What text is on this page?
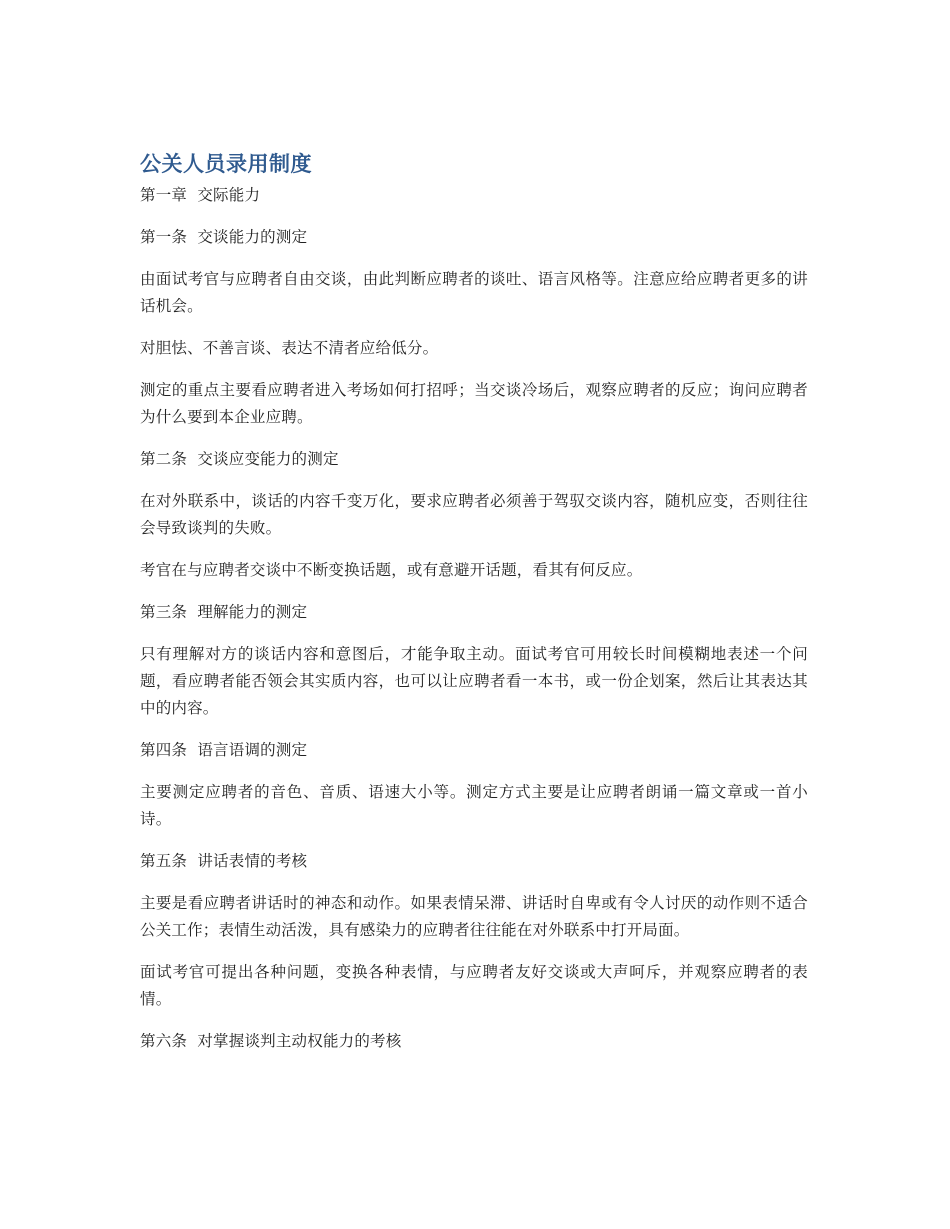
公关人员录用制度

第一章  交际能力

第一条  交谈能力的测定

由面试考官与应聘者自由交谈，由此判断应聘者的谈吐、语言风格等。注意应给应聘者更多的讲话机会。

对胆怯、不善言谈、表达不清者应给低分。

测定的重点主要看应聘者进入考场如何打招呼；当交谈冷场后，观察应聘者的反应；询问应聘者为什么要到本企业应聘。

第二条  交谈应变能力的测定

在对外联系中，谈话的内容千变万化，要求应聘者必须善于驾驭交谈内容，随机应变，否则往往会导致谈判的失败。

考官在与应聘者交谈中不断变换话题，或有意避开话题，看其有何反应。

第三条  理解能力的测定

只有理解对方的谈话内容和意图后，才能争取主动。面试考官可用较长时间模糊地表述一个问题，看应聘者能否领会其实质内容，也可以让应聘者看一本书，或一份企划案，然后让其表达其中的内容。

第四条  语言语调的测定

主要测定应聘者的音色、音质、语速大小等。测定方式主要是让应聘者朗诵一篇文章或一首小诗。

第五条  讲话表情的考核

主要是看应聘者讲话时的神态和动作。如果表情呆滞、讲话时自卑或有令人讨厌的动作则不适合公关工作；表情生动活泼，具有感染力的应聘者往往能在对外联系中打开局面。

面试考官可提出各种问题，变换各种表情，与应聘者友好交谈或大声呵斥，并观察应聘者的表情。

第六条  对掌握谈判主动权能力的考核
